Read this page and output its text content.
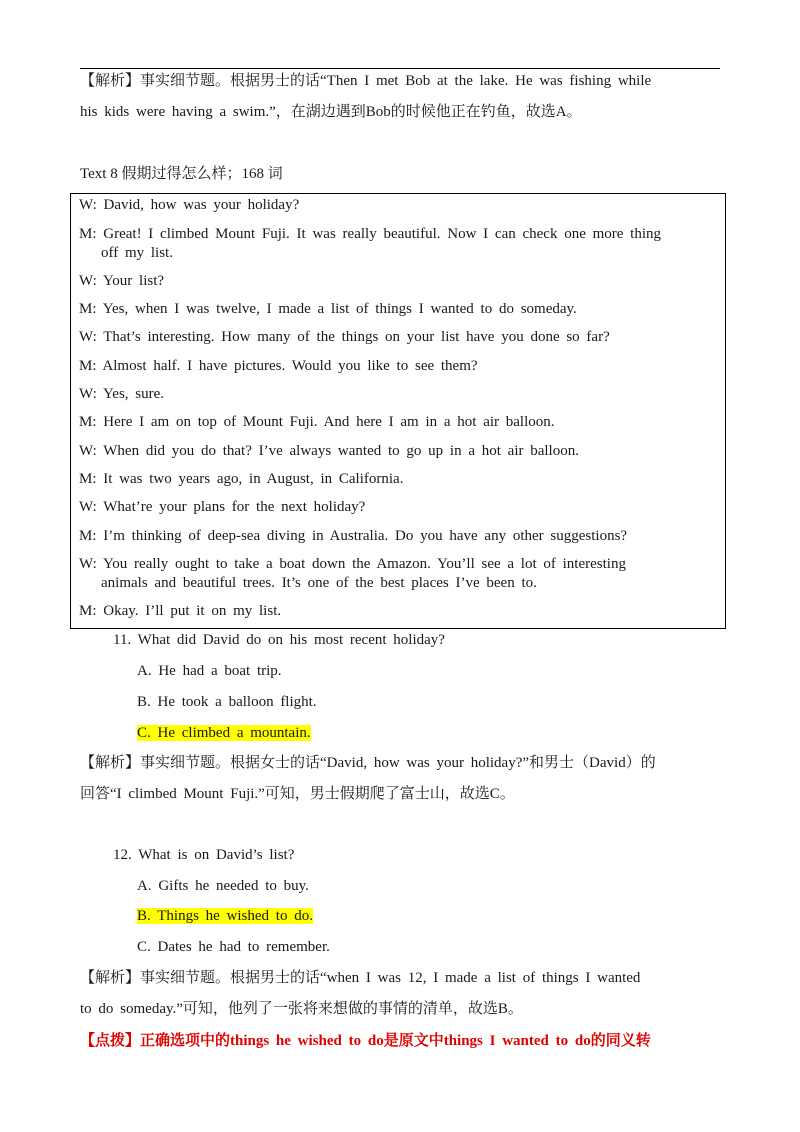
【解析】事实细节题。根据男士的话“Then I met Bob at the lake. He was fishing while
his kids were having a swim.”，在湖边遇到Bob的时候他正在钓鱼，故选A。
Text 8 假期过得怎么样；168 词
W: David, how was your holiday?
M: Great! I climbed Mount Fuji. It was really beautiful. Now I can check one more thing
off my list.
W: Your list?
M: Yes, when I was twelve, I made a list of things I wanted to do someday.
W: That’s interesting. How many of the things on your list have you done so far?
M: Almost half. I have pictures. Would you like to see them?
W: Yes, sure.
M: Here I am on top of Mount Fuji. And here I am in a hot air balloon.
W: When did you do that? I’ve always wanted to go up in a hot air balloon.
M: It was two years ago, in August, in California.
W: What’re your plans for the next holiday?
M: I’m thinking of deep-sea diving in Australia. Do you have any other suggestions?
W: You really ought to take a boat down the Amazon. You’ll see a lot of interesting
animals and beautiful trees. It’s one of the best places I’ve been to.
M: Okay. I’ll put it on my list.
11. What did David do on his most recent holiday?
A. He had a boat trip.
B. He took a balloon flight.
C. He climbed a mountain.
【解析】事实细节题。根据女士的话“David, how was your holiday?”和男士（David）的
回答“I climbed Mount Fuji.”可知，男士假期爬了富士山，故选C。
12. What is on David’s list?
A. Gifts he needed to buy.
B. Things he wished to do.
C. Dates he had to remember.
【解析】事实细节题。根据男士的话“when I was 12, I made a list of things I wanted
to do someday.”可知，他列了一张将来想做的事情的清单，故选B。
【点拨】正确选项中的things he wished to do是原文中things I wanted to do的同义转
